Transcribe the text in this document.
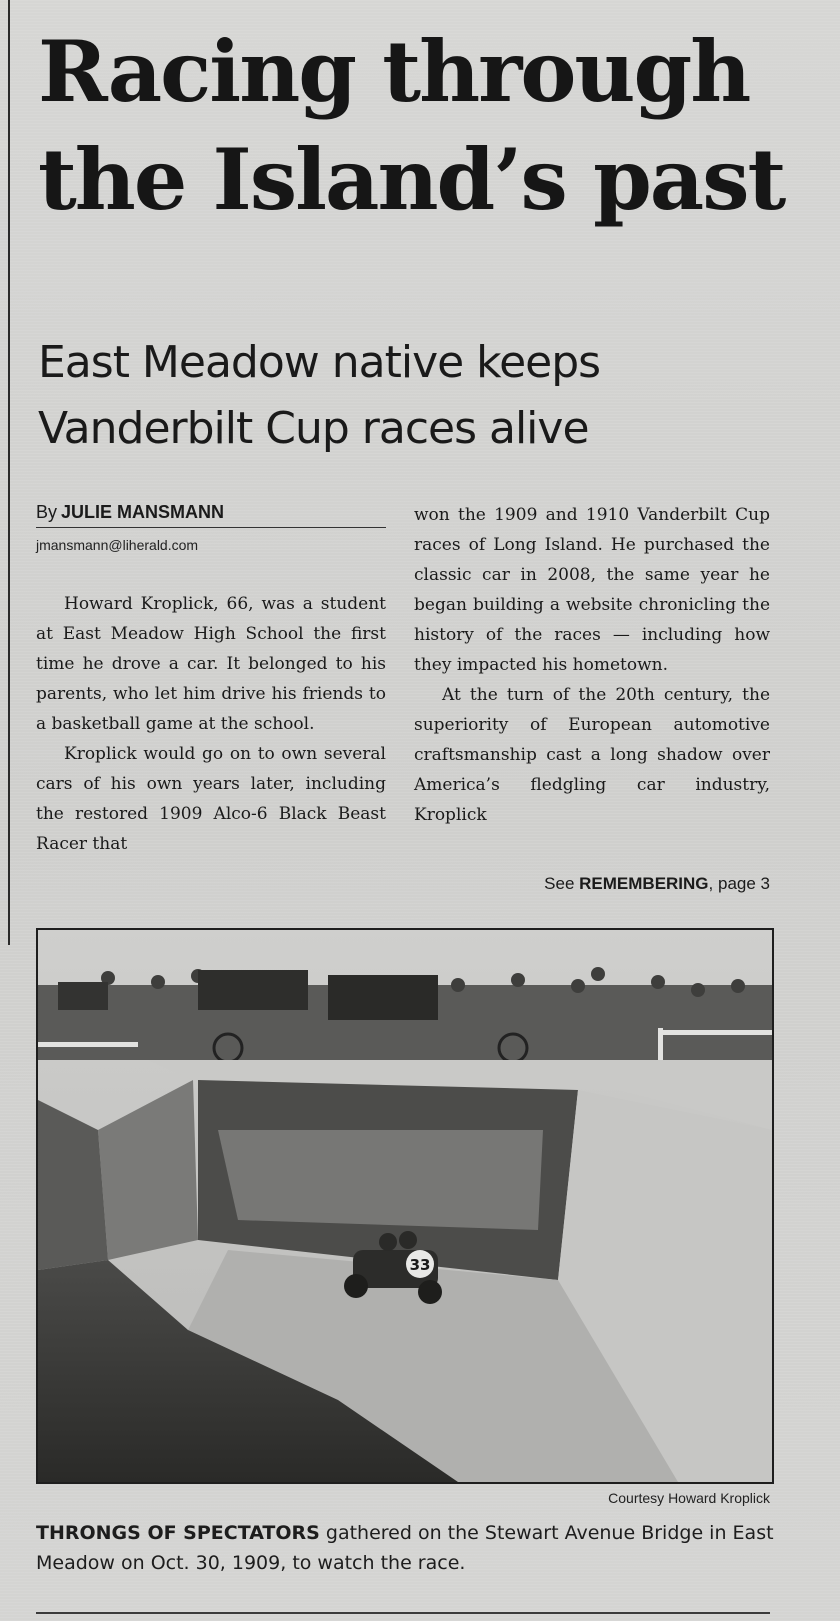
Racing through
the Island’s past
East Meadow native keeps
Vanderbilt Cup races alive
By JULIE MANSMANN
jmansmann@liherald.com

Howard Kroplick, 66, was a student at East Meadow High School the first time he drove a car. It belonged to his parents, who let him drive his friends to a basketball game at the school.

Kroplick would go on to own several cars of his own years later, including the restored 1909 Alco-6 Black Beast Racer that

won the 1909 and 1910 Vanderbilt Cup races of Long Island. He purchased the classic car in 2008, the same year he began building a website chronicling the history of the races — including how they impacted his hometown.

At the turn of the 20th century, the superiority of European automotive craftsmanship cast a long shadow over America’s fledgling car industry, Kroplick

See REMEMBERING, page 3
33
Courtesy Howard Kroplick
THRONGS OF SPECTATORS gathered on the Stewart Avenue Bridge in East Meadow on Oct. 30, 1909, to watch the race.
